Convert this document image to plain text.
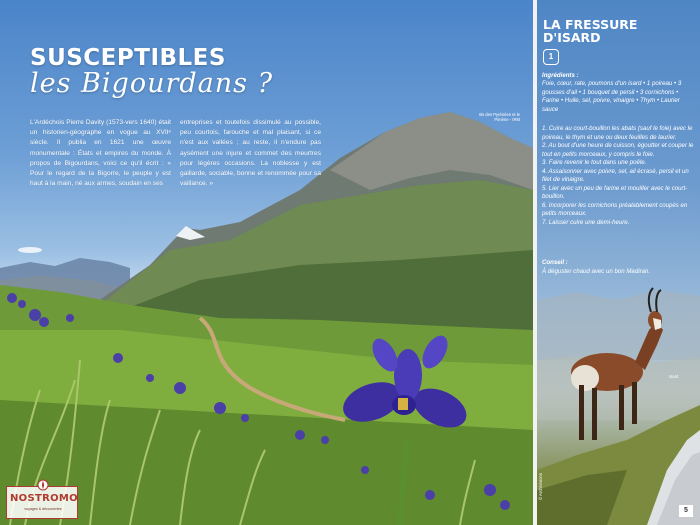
SUSCEPTIBLES
les Bigourdans ?

L'Ardéchois Pierre Davity (1573-vers 1640) était un historien-géographe en vogue au XVIIᵉ siècle. Il publia en 1621 une œuvre monumentale : États et empires du monde. À propos de Bigourdans, voici ce qu'il écrit : « Pour le regard de la Bigorre, le peuple y est haut à la main, né aux armes, soudain en ses

entreprises et toutefois dissimulé au possible, peu courtois, farouche et mal plaisant, si ce n'est aux vallées ; au reste, il n'endure pas aysément une injure et commet des meurtres pour légères occasions. La noblesse y est gaillarde, sociable, bonne et renommée pour sa vaillance. »

Iris des Pyrénées et le Pimène - IRM
NOSTROMO
voyages & découvertes
LA FRESSURE D'ISARD
1
Ingrédients :
Foie, cœur, rate, poumons d'un isard • 1 poireau • 3 gousses d'ail • 1 bouquet de persil • 3 cornichons • Farine • Huile, sel, poivre, vinaigre • Thym • Laurier sauce
1. Cuire au court-bouillon les abats (sauf le foie) avec le poireau, le thym et une ou deux feuilles de laurier.
2. Au bout d'une heure de cuisson, égoutter et couper le tout en petits morceaux, y compris le foie.
3. Faire revenir le tout dans une poêle.
4. Assaisonner avec poivre, sel, ail écrasé, persil et un filet de vinaigre.
5. Lier avec un peu de farine et mouiller avec le court-bouillon.
6. Incorporer les cornichons préalablement coupés en petits morceaux.
7. Laisser cuire une demi-heure.
Conseil :
À déguster chaud avec un bon Madiran.
Isard
© ArchiVisions
5
